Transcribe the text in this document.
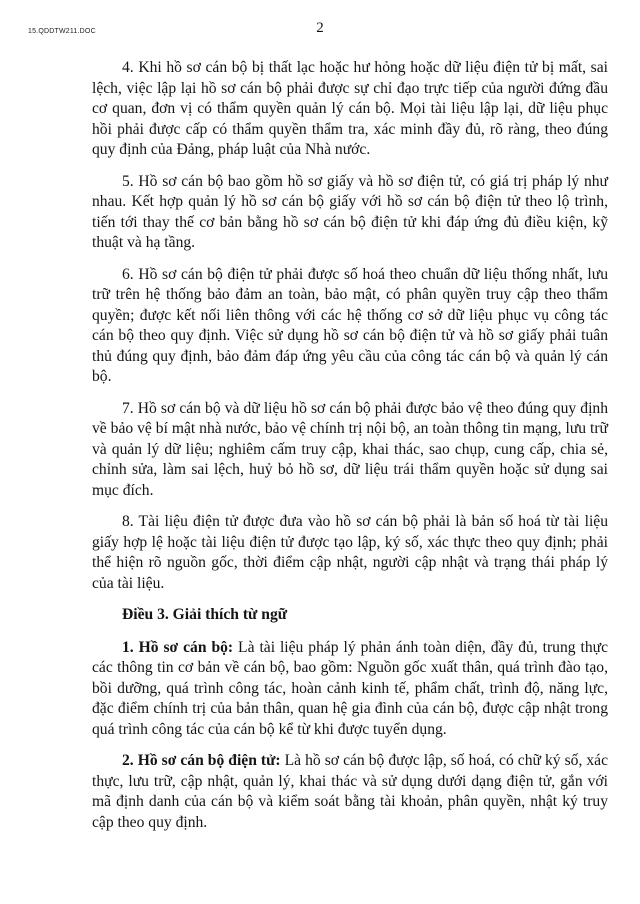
15.QDDTW211.DOC	2

4. Khi hồ sơ cán bộ bị thất lạc hoặc hư hỏng hoặc dữ liệu điện tử bị mất, sai lệch, việc lập lại hồ sơ cán bộ phải được sự chỉ đạo trực tiếp của người đứng đầu cơ quan, đơn vị có thẩm quyền quản lý cán bộ. Mọi tài liệu lập lại, dữ liệu phục hồi phải được cấp có thẩm quyền thẩm tra, xác minh đầy đủ, rõ ràng, theo đúng quy định của Đảng, pháp luật của Nhà nước.

5. Hồ sơ cán bộ bao gồm hồ sơ giấy và hồ sơ điện tử, có giá trị pháp lý như nhau. Kết hợp quản lý hồ sơ cán bộ giấy với hồ sơ cán bộ điện tử theo lộ trình, tiến tới thay thế cơ bản bằng hồ sơ cán bộ điện tử khi đáp ứng đủ điều kiện, kỹ thuật và hạ tầng.

6. Hồ sơ cán bộ điện tử phải được số hoá theo chuẩn dữ liệu thống nhất, lưu trữ trên hệ thống bảo đảm an toàn, bảo mật, có phân quyền truy cập theo thẩm quyền; được kết nối liên thông với các hệ thống cơ sở dữ liệu phục vụ công tác cán bộ theo quy định. Việc sử dụng hồ sơ cán bộ điện tử và hồ sơ giấy phải tuân thủ đúng quy định, bảo đảm đáp ứng yêu cầu của công tác cán bộ và quản lý cán bộ.

7. Hồ sơ cán bộ và dữ liệu hồ sơ cán bộ phải được bảo vệ theo đúng quy định về bảo vệ bí mật nhà nước, bảo vệ chính trị nội bộ, an toàn thông tin mạng, lưu trữ và quản lý dữ liệu; nghiêm cấm truy cập, khai thác, sao chụp, cung cấp, chia sẻ, chỉnh sửa, làm sai lệch, huỷ bỏ hồ sơ, dữ liệu trái thẩm quyền hoặc sử dụng sai mục đích.

8. Tài liệu điện tử được đưa vào hồ sơ cán bộ phải là bản số hoá từ tài liệu giấy hợp lệ hoặc tài liệu điện tử được tạo lập, ký số, xác thực theo quy định; phải thể hiện rõ nguồn gốc, thời điểm cập nhật, người cập nhật và trạng thái pháp lý của tài liệu.

Điều 3. Giải thích từ ngữ

1. Hồ sơ cán bộ: Là tài liệu pháp lý phản ánh toàn diện, đầy đủ, trung thực các thông tin cơ bản về cán bộ, bao gồm: Nguồn gốc xuất thân, quá trình đào tạo, bồi dưỡng, quá trình công tác, hoàn cảnh kinh tế, phẩm chất, trình độ, năng lực, đặc điểm chính trị của bản thân, quan hệ gia đình của cán bộ, được cập nhật trong quá trình công tác của cán bộ kể từ khi được tuyển dụng.

2. Hồ sơ cán bộ điện tử: Là hồ sơ cán bộ được lập, số hoá, có chữ ký số, xác thực, lưu trữ, cập nhật, quản lý, khai thác và sử dụng dưới dạng điện tử, gắn với mã định danh của cán bộ và kiểm soát bằng tài khoản, phân quyền, nhật ký truy cập theo quy định.
